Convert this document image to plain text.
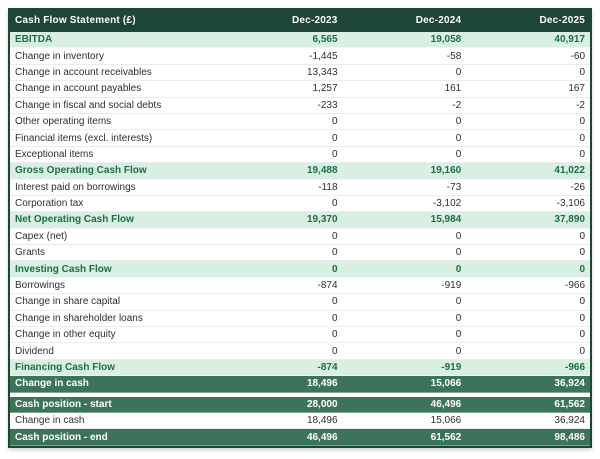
Cash Flow Statement (£)	Dec-2023	Dec-2024	Dec-2025
EBITDA	6,565	19,058	40,917
Change in inventory	-1,445	-58	-60
Change in account receivables	13,343	0	0
Change in account payables	1,257	161	167
Change in fiscal and social debts	-233	-2	-2
Other operating items	0	0	0
Financial items (excl. interests)	0	0	0
Exceptional items	0	0	0
Gross Operating Cash Flow	19,488	19,160	41,022
Interest paid on borrowings	-118	-73	-26
Corporation tax	0	-3,102	-3,106
Net Operating Cash Flow	19,370	15,984	37,890
Capex (net)	0	0	0
Grants	0	0	0
Investing Cash Flow	0	0	0
Borrowings	-874	-919	-966
Change in share capital	0	0	0
Change in shareholder loans	0	0	0
Change in other equity	0	0	0
Dividend	0	0	0
Financing Cash Flow	-874	-919	-966
Change in cash	18,496	15,066	36,924

Cash position - start	28,000	46,496	61,562
Change in cash	18,496	15,066	36,924
Cash position - end	46,496	61,562	98,486
